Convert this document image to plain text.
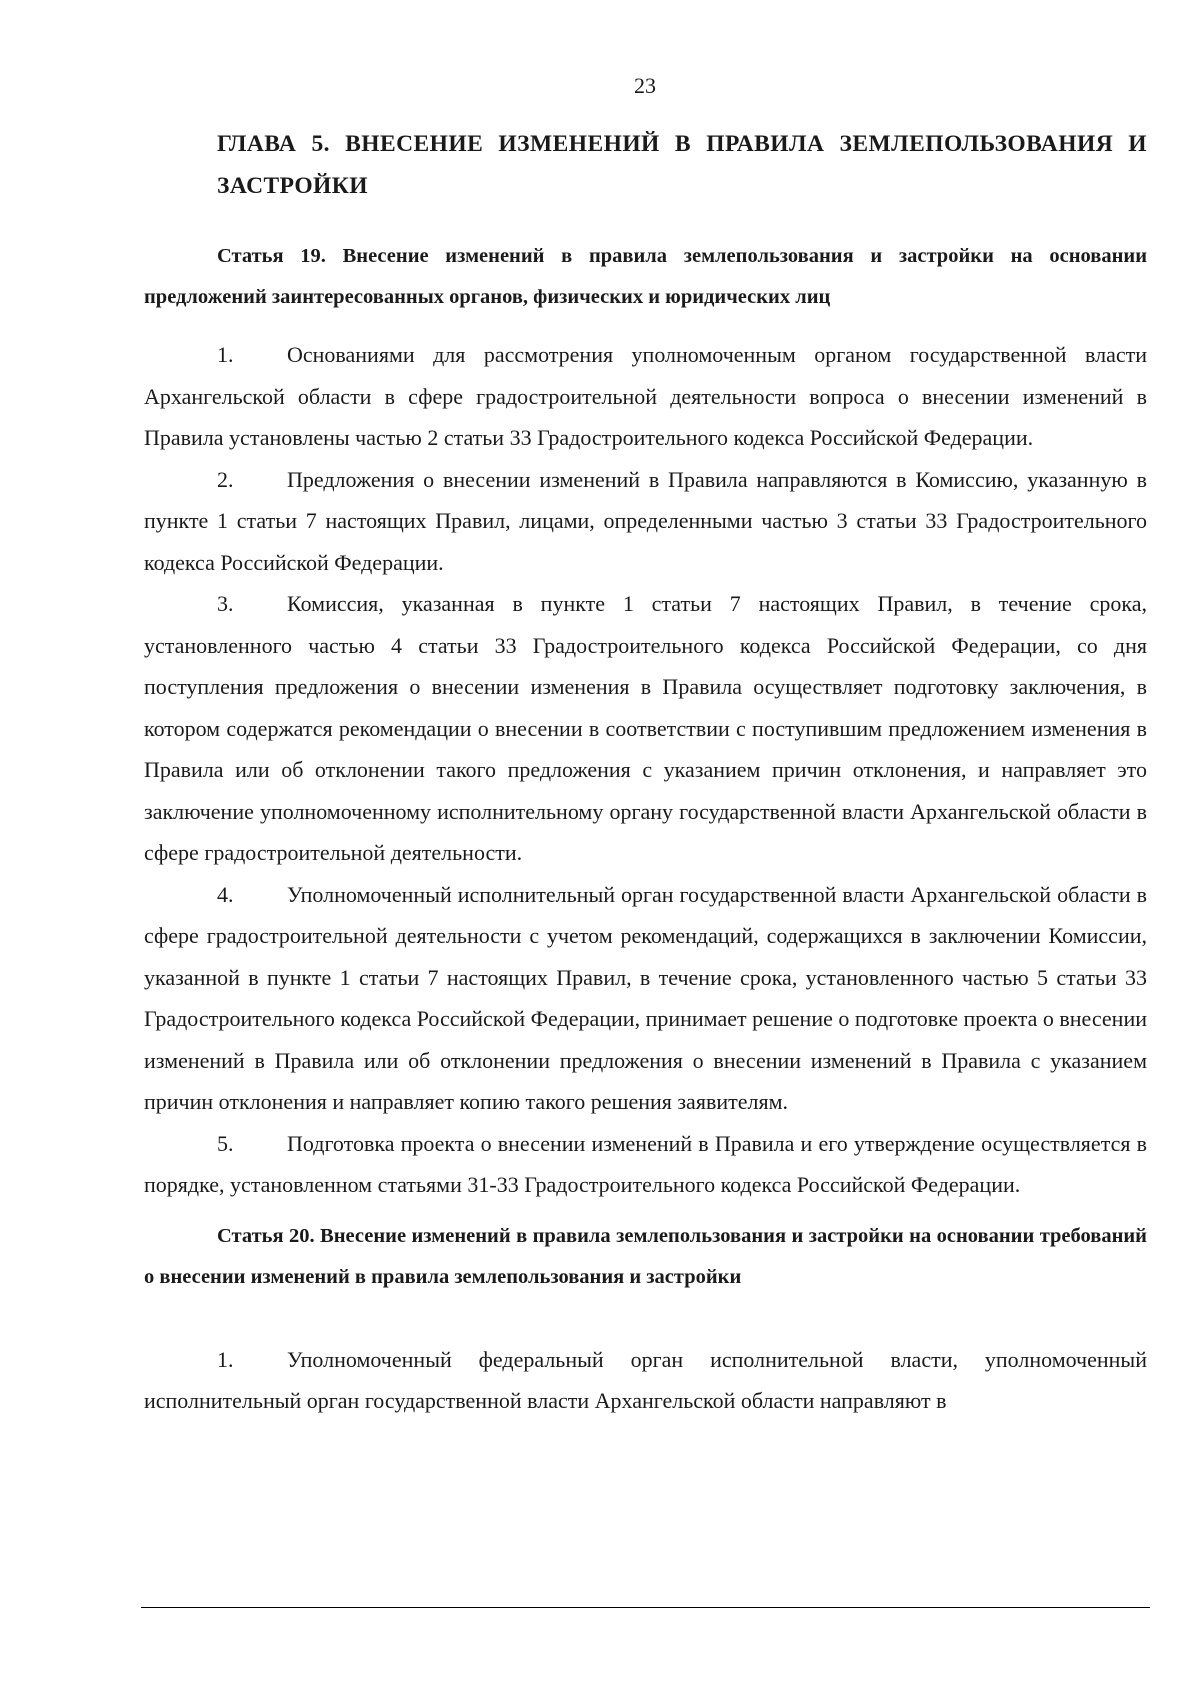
23
ГЛАВА 5. ВНЕСЕНИЕ ИЗМЕНЕНИЙ В ПРАВИЛА ЗЕМЛЕПОЛЬЗОВАНИЯ И ЗАСТРОЙКИ
Статья 19. Внесение изменений в правила землепользования и застройки на основании предложений заинтересованных органов, физических и юридических лиц

1. Основаниями для рассмотрения уполномоченным органом государственной власти Архангельской области в сфере градостроительной деятельности вопроса о внесении изменений в Правила установлены частью 2 статьи 33 Градостроительного кодекса Российской Федерации.

2. Предложения о внесении изменений в Правила направляются в Комиссию, указанную в пункте 1 статьи 7 настоящих Правил, лицами, определенными частью 3 статьи 33 Градостроительного кодекса Российской Федерации.

3. Комиссия, указанная в пункте 1 статьи 7 настоящих Правил, в течение срока, установленного частью 4 статьи 33 Градостроительного кодекса Российской Федерации, со дня поступления предложения о внесении изменения в Правила осуществляет подготовку заключения, в котором содержатся рекомендации о внесении в соответствии с поступившим предложением изменения в Правила или об отклонении такого предложения с указанием причин отклонения, и направляет это заключение уполномоченному исполнительному органу государственной власти Архангельской области в сфере градостроительной деятельности.

4. Уполномоченный исполнительный орган государственной власти Архангельской области в сфере градостроительной деятельности с учетом рекомендаций, содержащихся в заключении Комиссии, указанной в пункте 1 статьи 7 настоящих Правил, в течение срока, установленного частью 5 статьи 33 Градостроительного кодекса Российской Федерации, принимает решение о подготовке проекта о внесении изменений в Правила или об отклонении предложения о внесении изменений в Правила с указанием причин отклонения и направляет копию такого решения заявителям.

5. Подготовка проекта о внесении изменений в Правила и его утверждение осуществляется в порядке, установленном статьями 31-33 Градостроительного кодекса Российской Федерации.

Статья 20. Внесение изменений в правила землепользования и застройки на основании требований о внесении изменений в правила землепользования и застройки

1. Уполномоченный федеральный орган исполнительной власти, уполномоченный исполнительный орган государственной власти Архангельской области направляют в
